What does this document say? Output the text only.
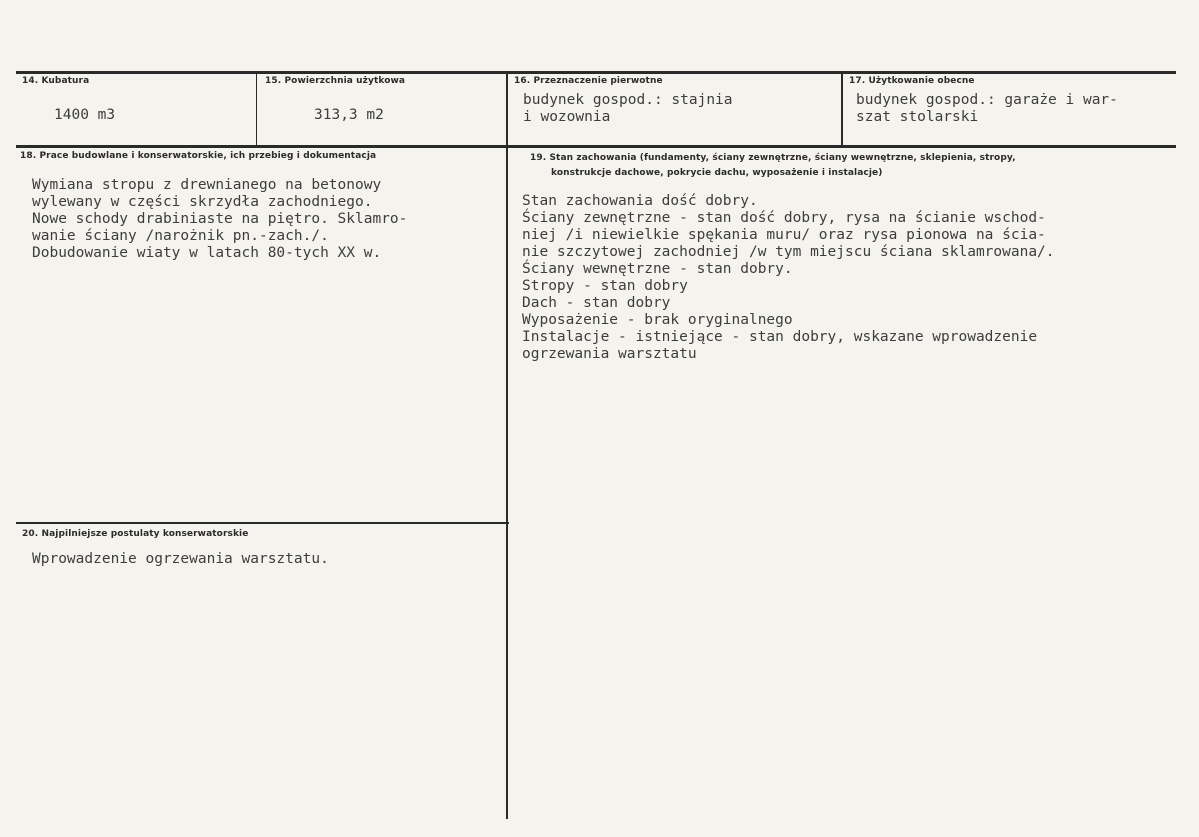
14. Kubatura
1400 m3
15. Powierzchnia użytkowa
313,3 m2
16. Przeznaczenie pierwotne
budynek gospod.: stajnia
i wozownia
17. Użytkowanie obecne
budynek gospod.: garaże i war-
szat stolarski
18. Prace budowlane i konserwatorskie, ich przebieg i dokumentacja
Wymiana stropu z drewnianego na betonowy
wylewany w części skrzydła zachodniego.
Nowe schody drabiniaste na piętro. Sklamro-
wanie ściany /narożnik pn.-zach./.
Dobudowanie wiaty w latach 80-tych XX w.
19. Stan zachowania (fundamenty, ściany zewnętrzne, ściany wewnętrzne, sklepienia, stropy,
konstrukcje dachowe, pokrycie dachu, wyposażenie i instalacje)
Stan zachowania dość dobry.
Ściany zewnętrzne - stan dość dobry, rysa na ścianie wschod-
niej /i niewielkie spękania muru/ oraz rysa pionowa na ścia-
nie szczytowej zachodniej /w tym miejscu ściana sklamrowana/.
Ściany wewnętrzne - stan dobry.
Stropy - stan dobry
Dach - stan dobry
Wyposażenie - brak oryginalnego
Instalacje - istniejące - stan dobry, wskazane wprowadzenie
ogrzewania warsztatu
20. Najpilniejsze postulaty konserwatorskie
Wprowadzenie ogrzewania warsztatu.
